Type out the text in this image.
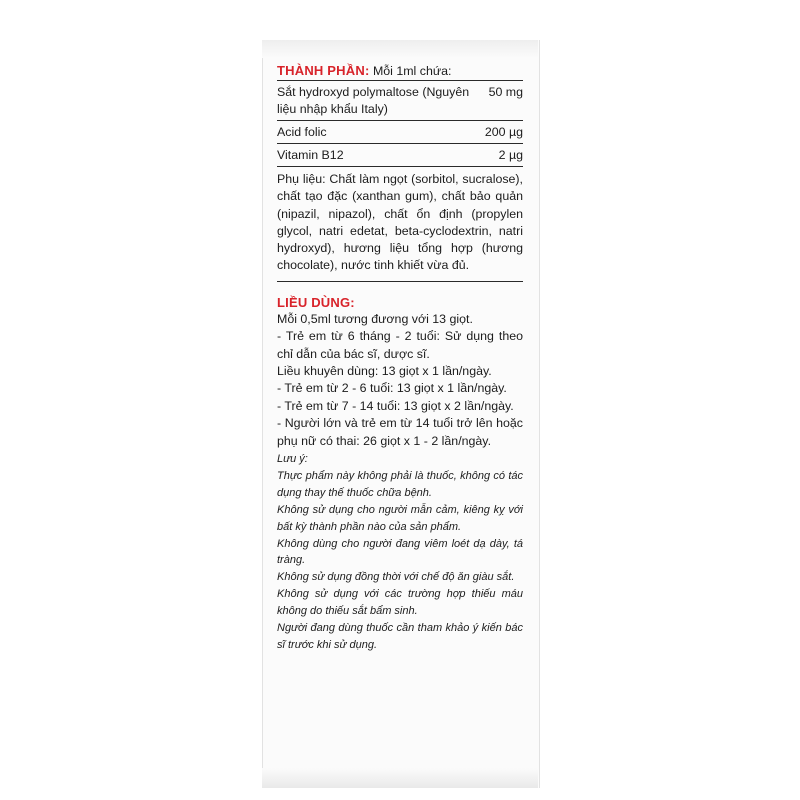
THÀNH PHẦN: Mỗi 1ml chứa:
Sắt hydroxyd polymaltose (Nguyên liệu nhập khẩu Italy)
50 mg
Acid folic	200 µg
Vitamin B12	2 µg
Phụ liệu: Chất làm ngọt (sorbitol, sucralose), chất tạo đặc (xanthan gum), chất bảo quản (nipazil, nipazol), chất ổn định (propylen glycol, natri edetat, beta-cyclodextrin, natri hydroxyd), hương liệu tổng hợp (hương chocolate), nước tinh khiết vừa đủ.
LIỀU DÙNG:
Mỗi 0,5ml tương đương với 13 giọt.
- Trẻ em từ 6 tháng - 2 tuổi: Sử dụng theo chỉ dẫn của bác sĩ, dược sĩ.
Liều khuyên dùng: 13 giọt x 1 lần/ngày.
- Trẻ em từ 2 - 6 tuổi: 13 giọt x 1 lần/ngày.
- Trẻ em từ 7 - 14 tuổi: 13 giọt x 2 lần/ngày.
- Người lớn và trẻ em từ 14 tuổi trở lên hoặc phụ nữ có thai: 26 giọt x 1 - 2 lần/ngày.
Lưu ý:
Thực phẩm này không phải là thuốc, không có tác dụng thay thế thuốc chữa bệnh.
Không sử dụng cho người mẫn cảm, kiêng kỵ với bất kỳ thành phần nào của sản phẩm.
Không dùng cho người đang viêm loét dạ dày, tá tràng.
Không sử dụng đồng thời với chế độ ăn giàu sắt.
Không sử dụng với các trường hợp thiếu máu không do thiếu sắt bẩm sinh.
Người đang dùng thuốc cần tham khảo ý kiến bác sĩ trước khi sử dụng.
